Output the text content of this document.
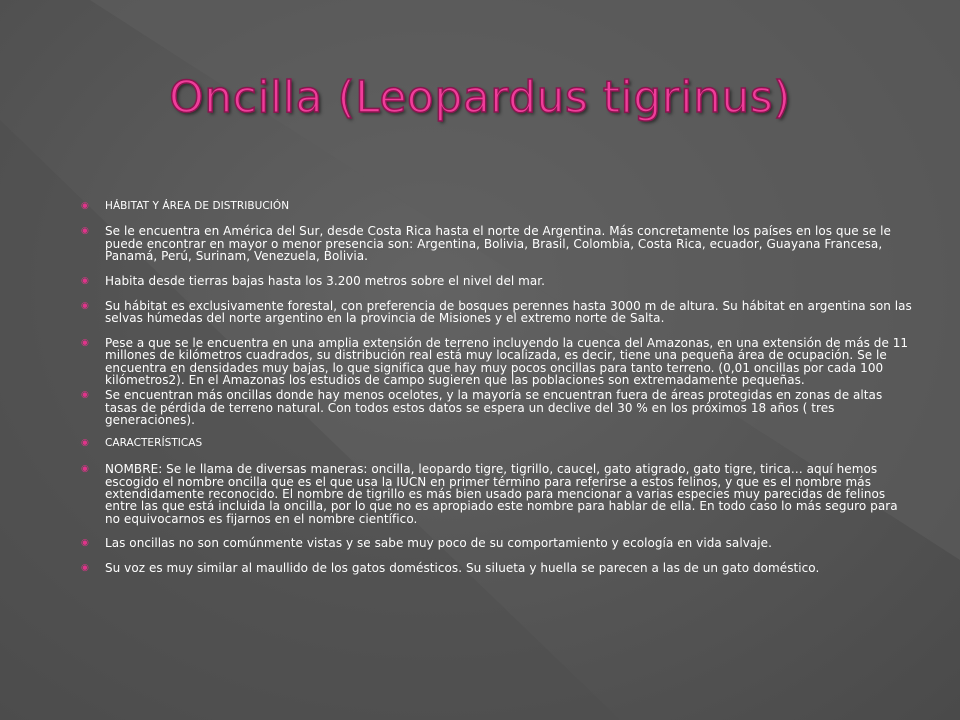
Oncilla (Leopardus tigrinus)
◉ HÁBITAT Y ÁREA DE DISTRIBUCIÓN
◉ Se le encuentra en América del Sur, desde Costa Rica hasta el norte de Argentina. Más concretamente los países en los que se le puede encontrar en mayor o menor presencia son: Argentina, Bolivia, Brasil, Colombia, Costa Rica, ecuador, Guayana Francesa, Panamá, Perú, Surinam, Venezuela, Bolivia.
◉ Habita desde tierras bajas hasta los 3.200 metros sobre el nivel del mar.
◉ Su hábitat es exclusivamente forestal, con preferencia de bosques perennes hasta 3000 m de altura. Su hábitat en argentina son las selvas húmedas del norte argentino en la provincia de Misiones y el extremo norte de Salta.
◉ Pese a que se le encuentra en una amplia extensión de terreno incluyendo la cuenca del Amazonas, en una extensión de más de 11 millones de kilómetros cuadrados, su distribución real está muy localizada, es decir, tiene una pequeña área de ocupación. Se le encuentra en densidades muy bajas, lo que significa que hay muy pocos oncillas para tanto terreno. (0,01 oncillas por cada 100 kilómetros2). En el Amazonas los estudios de campo sugieren que las poblaciones son extremadamente pequeñas.
◉ Se encuentran más oncillas donde hay menos ocelotes, y la mayoría se encuentran fuera de áreas protegidas en zonas de altas tasas de pérdida de terreno natural. Con todos estos datos se espera un declive del 30 % en los próximos 18 años ( tres generaciones).
◉ CARACTERÍSTICAS
◉ NOMBRE: Se le llama de diversas maneras: oncilla, leopardo tigre, tigrillo, caucel, gato atigrado, gato tigre, tirica… aquí hemos escogido el nombre oncilla que es el que usa la IUCN en primer término para referirse a estos felinos, y que es el nombre más extendidamente reconocido. El nombre de tigrillo es más bien usado para mencionar a varias especies muy parecidas de felinos entre las que está incluida la oncilla, por lo que no es apropiado este nombre para hablar de ella. En todo caso lo más seguro para no equivocarnos es fijarnos en el nombre científico.
◉ Las oncillas no son comúnmente vistas y se sabe muy poco de su comportamiento y ecología en vida salvaje.
◉ Su voz es muy similar al maullido de los gatos domésticos. Su silueta y huella se parecen a las de un gato doméstico.
